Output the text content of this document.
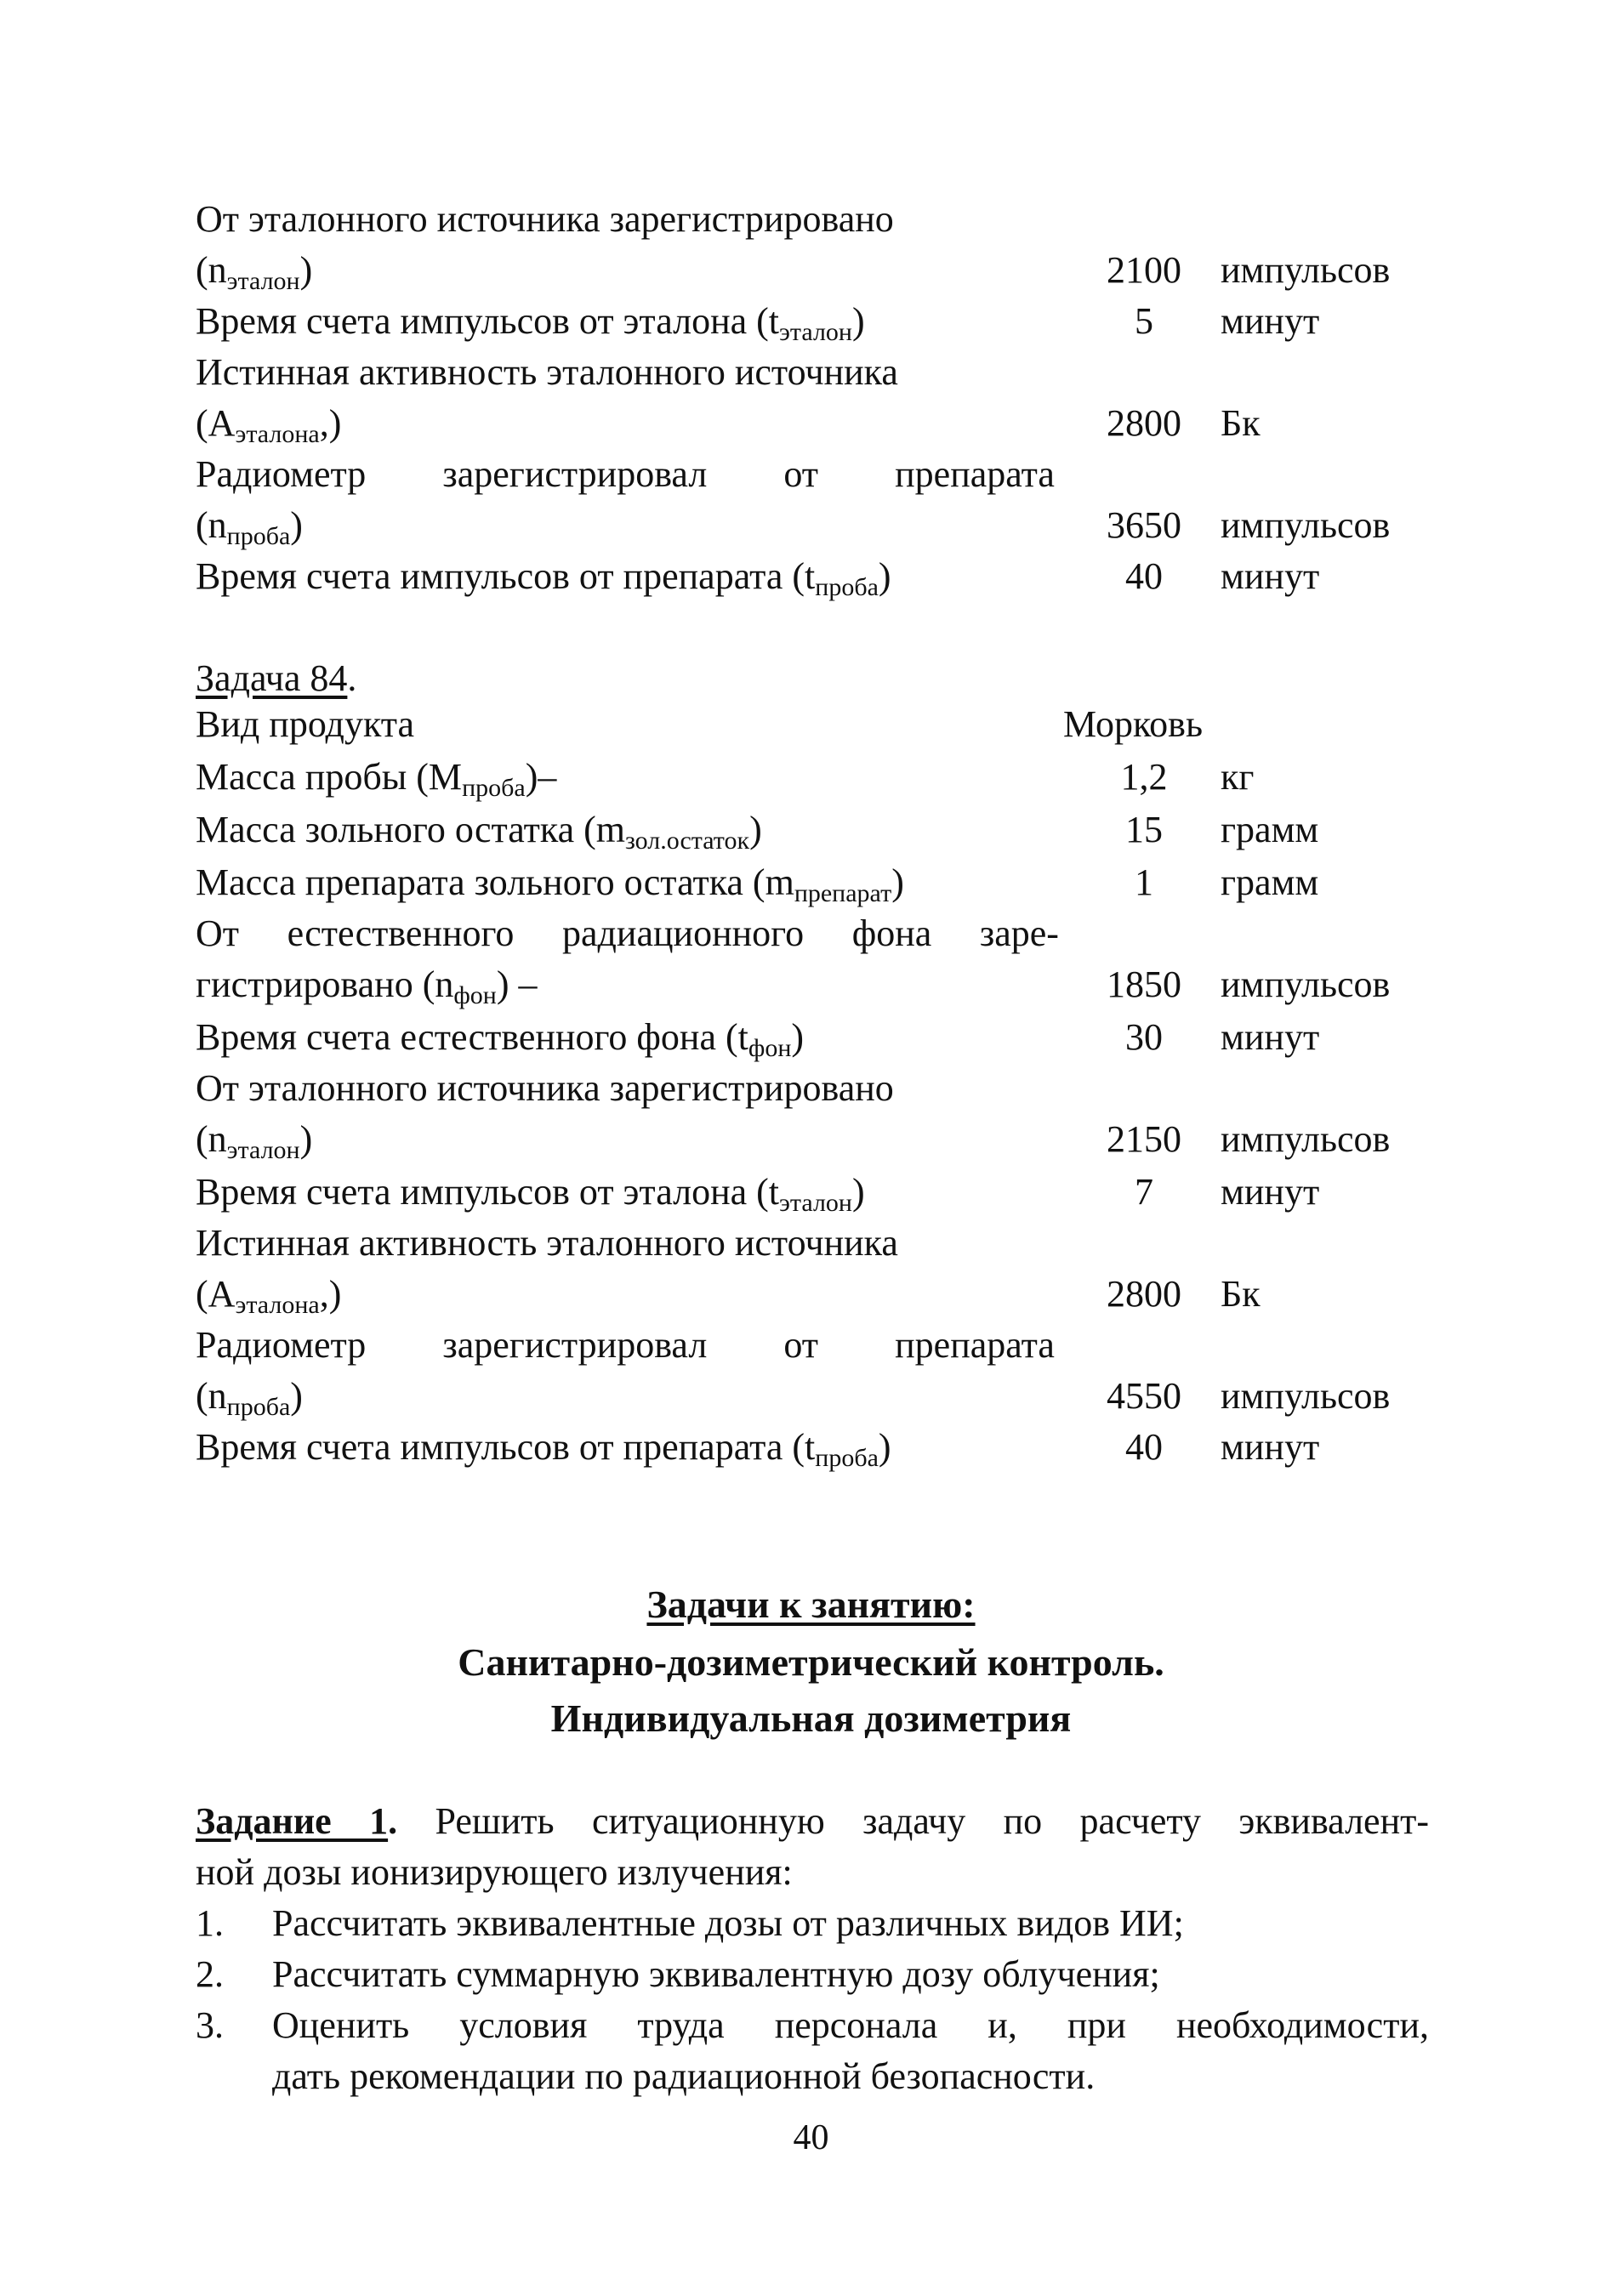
От эталонного источника зарегистрировано
$(n_{эталон})$	2100	импульсов
Время счета импульсов от эталона $(t_{эталон})$	5	минут
Истинная активность эталонного источника
$(A_{эталона},)$	2800	Бк
Радиометр зарегистрировал от препарата
$(n_{проба})$	3650	импульсов
Время счета импульсов от препарата $(t_{проба})$	40	минут
Задача 84.
Вид продукта	Морковь
Масса пробы $(M_{проба})-$	1,2	кг
Масса зольного остатка $(m_{зол.остаток})$	15	грамм
Масса препарата зольного остатка $(m_{препарат})$	1	грамм
От естественного радиационного фона заре-
гистрировано $(n_{фон})$ –	1850	импульсов
Время счета естественного фона $(t_{фон})$	30	минут
От эталонного источника зарегистрировано
$(n_{эталон})$	2150	импульсов
Время счета импульсов от эталона $(t_{эталон})$	7	минут
Истинная активность эталонного источника
$(A_{эталона},)$	2800	Бк
Радиометр зарегистрировал от препарата
$(n_{проба})$	4550	импульсов
Время счета импульсов от препарата $(t_{проба})$	40	минут
Задачи к занятию:
Санитарно-дозиметрический контроль.
Индивидуальная дозиметрия
Задание 1. Решить ситуационную задачу по расчету эквивалент-
ной дозы ионизирующего излучения:
1. Рассчитать эквивалентные дозы от различных видов ИИ;
2. Рассчитать суммарную эквивалентную дозу облучения;
3. Оценить условия труда персонала и, при необходимости,
дать рекомендации по радиационной безопасности.
40
